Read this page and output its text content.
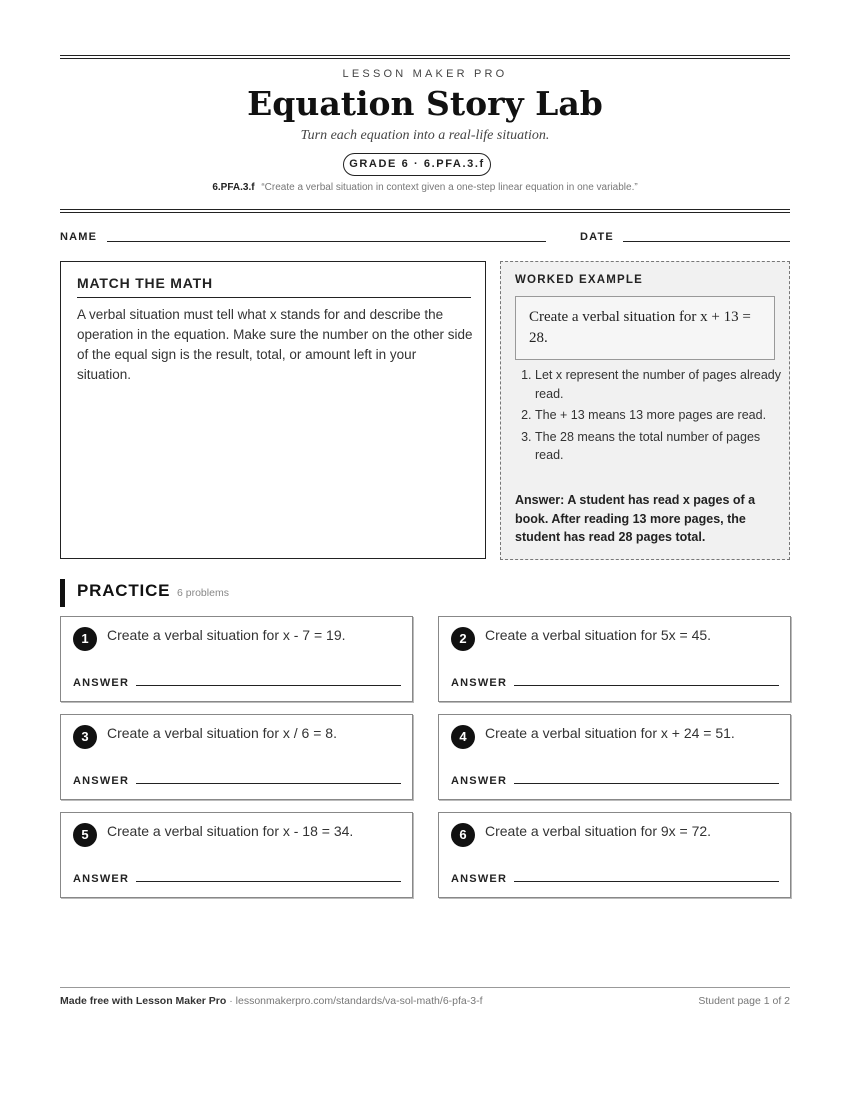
LESSON MAKER PRO
Equation Story Lab
Turn each equation into a real-life situation.
GRADE 6 · 6.PFA.3.f
6.PFA.3.f “Create a verbal situation in context given a one-step linear equation in one variable.”
NAME	DATE
MATCH THE MATH
A verbal situation must tell what x stands for and describe the operation in the equation. Make sure the number on the other side of the equal sign is the result, total, or amount left in your situation.
WORKED EXAMPLE
Create a verbal situation for x + 13 = 28.
1. Let x represent the number of pages already read.
2. The + 13 means 13 more pages are read.
3. The 28 means the total number of pages read.
Answer: A student has read x pages of a book. After reading 13 more pages, the student has read 28 pages total.
PRACTICE 6 problems
1	Create a verbal situation for x - 7 = 19.
ANSWER
2	Create a verbal situation for 5x = 45.
ANSWER
3	Create a verbal situation for x / 6 = 8.
ANSWER
4	Create a verbal situation for x + 24 = 51.
ANSWER
5	Create a verbal situation for x - 18 = 34.
ANSWER
6	Create a verbal situation for 9x = 72.
ANSWER
Made free with Lesson Maker Pro · lessonmakerpro.com/standards/va-sol-math/6-pfa-3-f	Student page 1 of 2
